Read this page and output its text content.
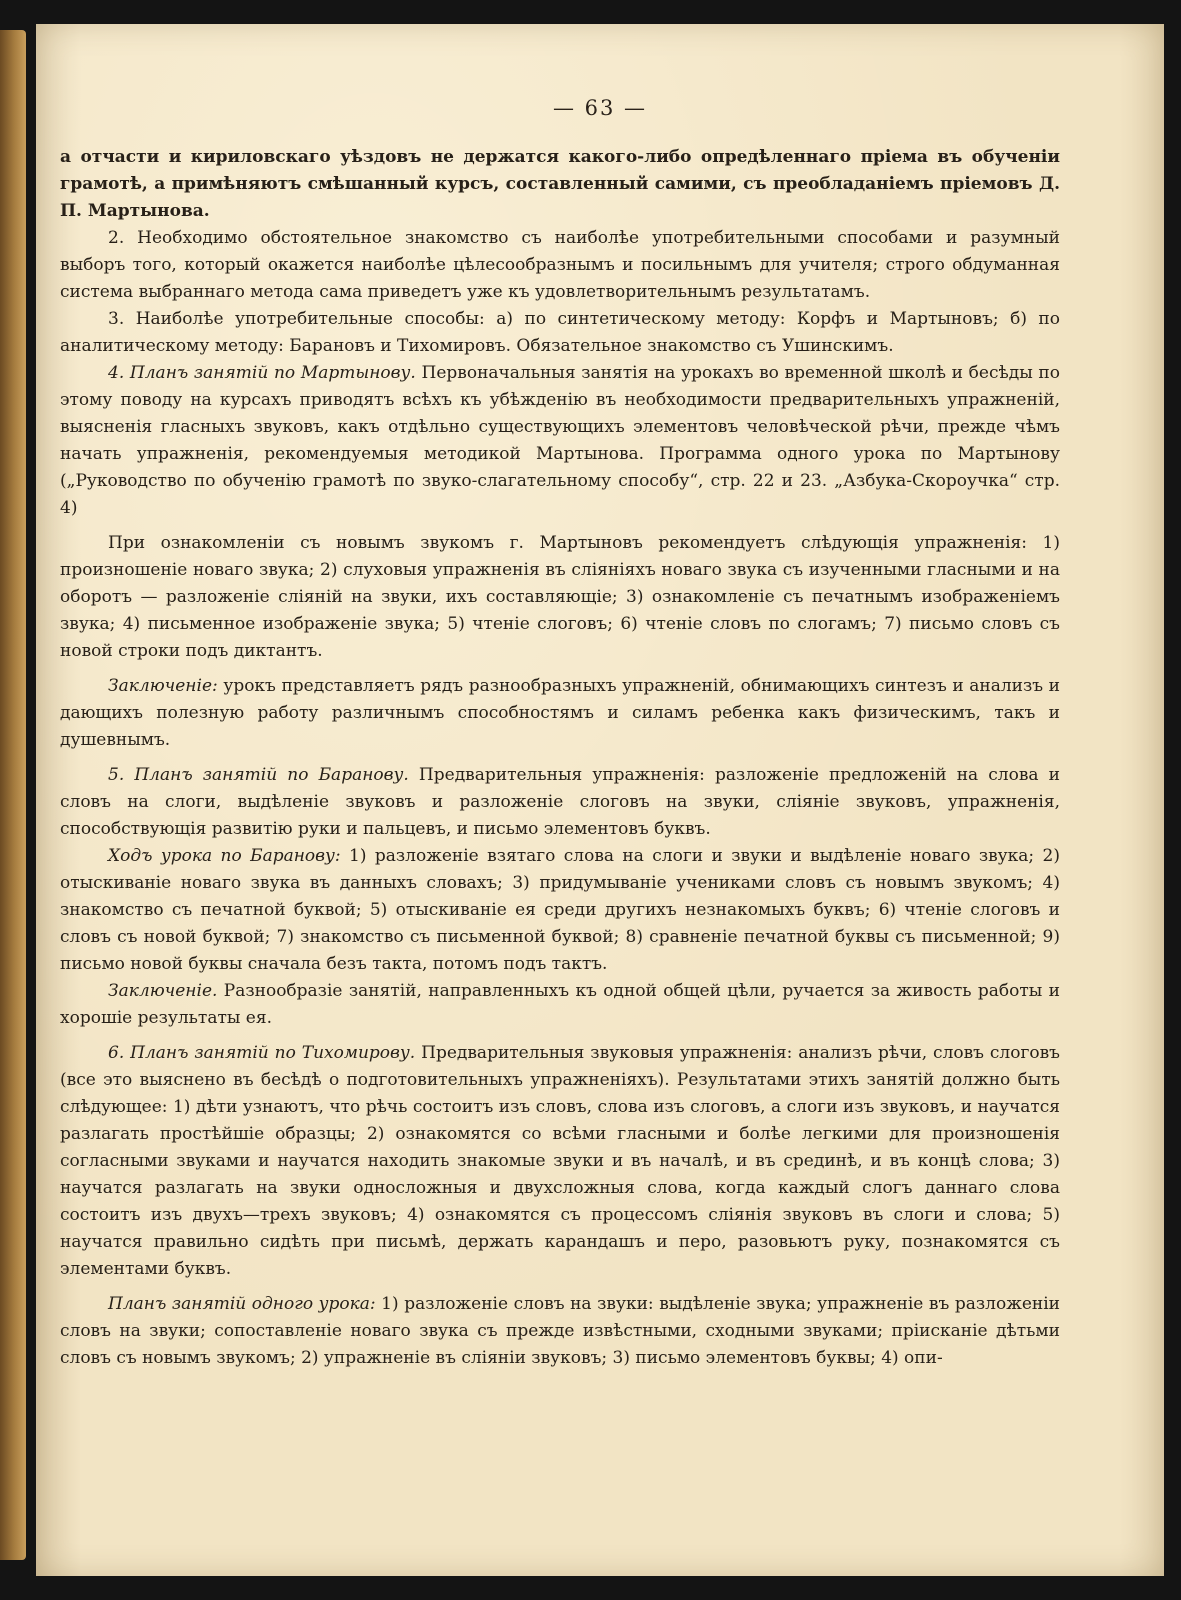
— 63 —

а отчасти и кириловскаго уѣздовъ не держатся какого-либо опредѣленнаго пріема въ обученіи грамотѣ, а примѣняютъ смѣшанный курсъ, составленный самими, съ преобладаніемъ пріемовъ Д. П. Мартынова.

2. Необходимо обстоятельное знакомство съ наиболѣе употребительными способами и разумный выборъ того, который окажется наиболѣе цѣлесообразнымъ и посильнымъ для учителя; строго обдуманная система выбраннаго метода сама приведетъ уже къ удовлетворительнымъ результатамъ.

3. Наиболѣе употребительные способы: а) по синтетическому методу: Корфъ и Мартыновъ; б) по аналитическому методу: Барановъ и Тихомировъ. Обязательное знакомство съ Ушинскимъ.

4. Планъ занятій по Мартынову. Первоначальныя занятія на урокахъ во временной школѣ и бесѣды по этому поводу на курсахъ приводятъ всѣхъ къ убѣжденію въ необходимости предварительныхъ упражненій, выясненія гласныхъ звуковъ, какъ отдѣльно существующихъ элементовъ человѣческой рѣчи, прежде чѣмъ начать упражненія, рекомендуемыя методикой Мартынова. Программа одного урока по Мартынову („Руководство по обученію грамотѣ по звуко-слагательному способу“, стр. 22 и 23. „Азбука-Скороучка“ стр. 4)

При ознакомленіи съ новымъ звукомъ г. Мартыновъ рекомендуетъ слѣдующія упражненія: 1) произношеніе новаго звука; 2) слуховыя упражненія въ сліяніяхъ новаго звука съ изученными гласными и на оборотъ — разложеніе сліяній на звуки, ихъ составляющіе; 3) ознакомленіе съ печатнымъ изображеніемъ звука; 4) письменное изображеніе звука; 5) чтеніе слоговъ; 6) чтеніе словъ по слогамъ; 7) письмо словъ съ новой строки подъ диктантъ.

Заключеніе: урокъ представляетъ рядъ разнообразныхъ упражненій, обнимающихъ синтезъ и анализъ и дающихъ полезную работу различнымъ способностямъ и силамъ ребенка какъ физическимъ, такъ и душевнымъ.

5. Планъ занятій по Баранову. Предварительныя упражненія: разложеніе предложеній на слова и словъ на слоги, выдѣленіе звуковъ и разложеніе слоговъ на звуки, сліяніе звуковъ, упражненія, способствующія развитію руки и пальцевъ, и письмо элементовъ буквъ.

Ходъ урока по Баранову: 1) разложеніе взятаго слова на слоги и звуки и выдѣленіе новаго звука; 2) отыскиваніе новаго звука въ данныхъ словахъ; 3) придумываніе учениками словъ съ новымъ звукомъ; 4) знакомство съ печатной буквой; 5) отыскиваніе ея среди другихъ незнакомыхъ буквъ; 6) чтеніе слоговъ и словъ съ новой буквой; 7) знакомство съ письменной буквой; 8) сравненіе печатной буквы съ письменной; 9) письмо новой буквы сначала безъ такта, потомъ подъ тактъ.

Заключеніе. Разнообразіе занятій, направленныхъ къ одной общей цѣли, ручается за живость работы и хорошіе результаты ея.

6. Планъ занятій по Тихомирову. Предварительныя звуковыя упражненія: анализъ рѣчи, словъ слоговъ (все это выяснено въ бесѣдѣ о подготовительныхъ упражненіяхъ). Результатами этихъ занятій должно быть слѣдующее: 1) дѣти узнаютъ, что рѣчь состоитъ изъ словъ, слова изъ слоговъ, а слоги изъ звуковъ, и научатся разлагать простѣйшіе образцы; 2) ознакомятся со всѣми гласными и болѣе легкими для произношенія согласными звуками и научатся находить знакомые звуки и въ началѣ, и въ срединѣ, и въ концѣ слова; 3) научатся разлагать на звуки односложныя и двухсложныя слова, когда каждый слогъ даннаго слова состоитъ изъ двухъ—трехъ звуковъ; 4) ознакомятся съ процессомъ сліянія звуковъ въ слоги и слова; 5) научатся правильно сидѣть при письмѣ, держать карандашъ и перо, разовьютъ руку, познакомятся съ элементами буквъ.

Планъ занятій одного урока: 1) разложеніе словъ на звуки: выдѣленіе звука; упражненіе въ разложеніи словъ на звуки; сопоставленіе новаго звука съ прежде извѣстными, сходными звуками; пріисканіе дѣтьми словъ съ новымъ звукомъ; 2) упражненіе въ сліяніи звуковъ; 3) письмо элементовъ буквы; 4) опи-
